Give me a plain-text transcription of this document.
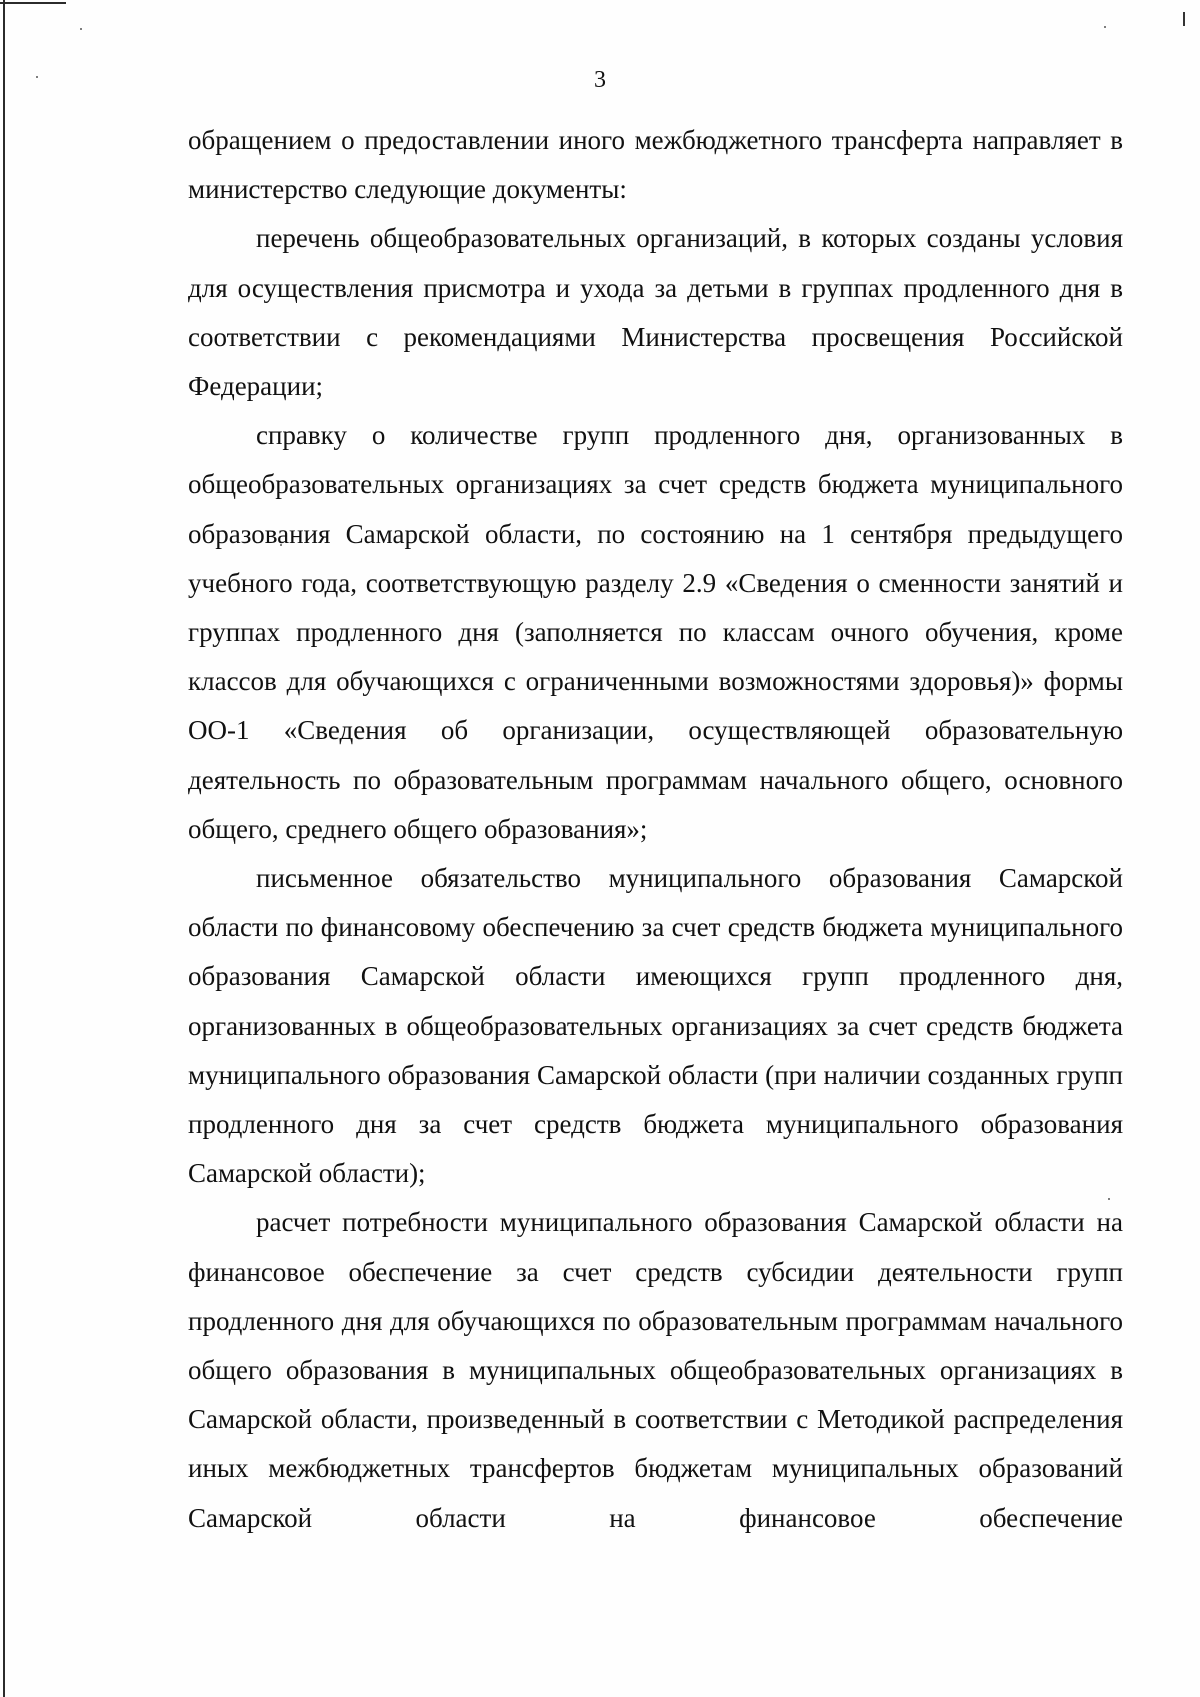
3

обращением о предоставлении иного межбюджетного трансферта направляет в министерство следующие документы:

перечень общеобразовательных организаций, в которых созданы условия для осуществления присмотра и ухода за детьми в группах продленного дня в соответствии с рекомендациями Министерства просвещения Российской Федерации;

справку о количестве групп продленного дня, организованных в общеобразовательных организациях за счет средств бюджета муниципального образования Самарской области, по состоянию на 1 сентября предыдущего учебного года, соответствующую разделу 2.9 «Сведения о сменности занятий и группах продленного дня (заполняется по классам очного обучения, кроме классов для обучающихся с ограниченными возможностями здоровья)» формы ОО-1 «Сведения об организации, осуществляющей образовательную деятельность по образовательным программам начального общего, основного общего, среднего общего образования»;

письменное обязательство муниципального образования Самарской области по финансовому обеспечению за счет средств бюджета муниципального образования Самарской области имеющихся групп продленного дня, организованных в общеобразовательных организациях за счет средств бюджета муниципального образования Самарской области (при наличии созданных групп продленного дня за счет средств бюджета муниципального образования Самарской области);

расчет потребности муниципального образования Самарской области на финансовое обеспечение за счет средств субсидии деятельности групп продленного дня для обучающихся по образовательным программам начального общего образования в муниципальных общеобразовательных организациях в Самарской области, произведенный в соответствии с Методикой распределения иных межбюджетных трансфертов бюджетам муниципальных образований Самарской области на финансовое обеспечение
